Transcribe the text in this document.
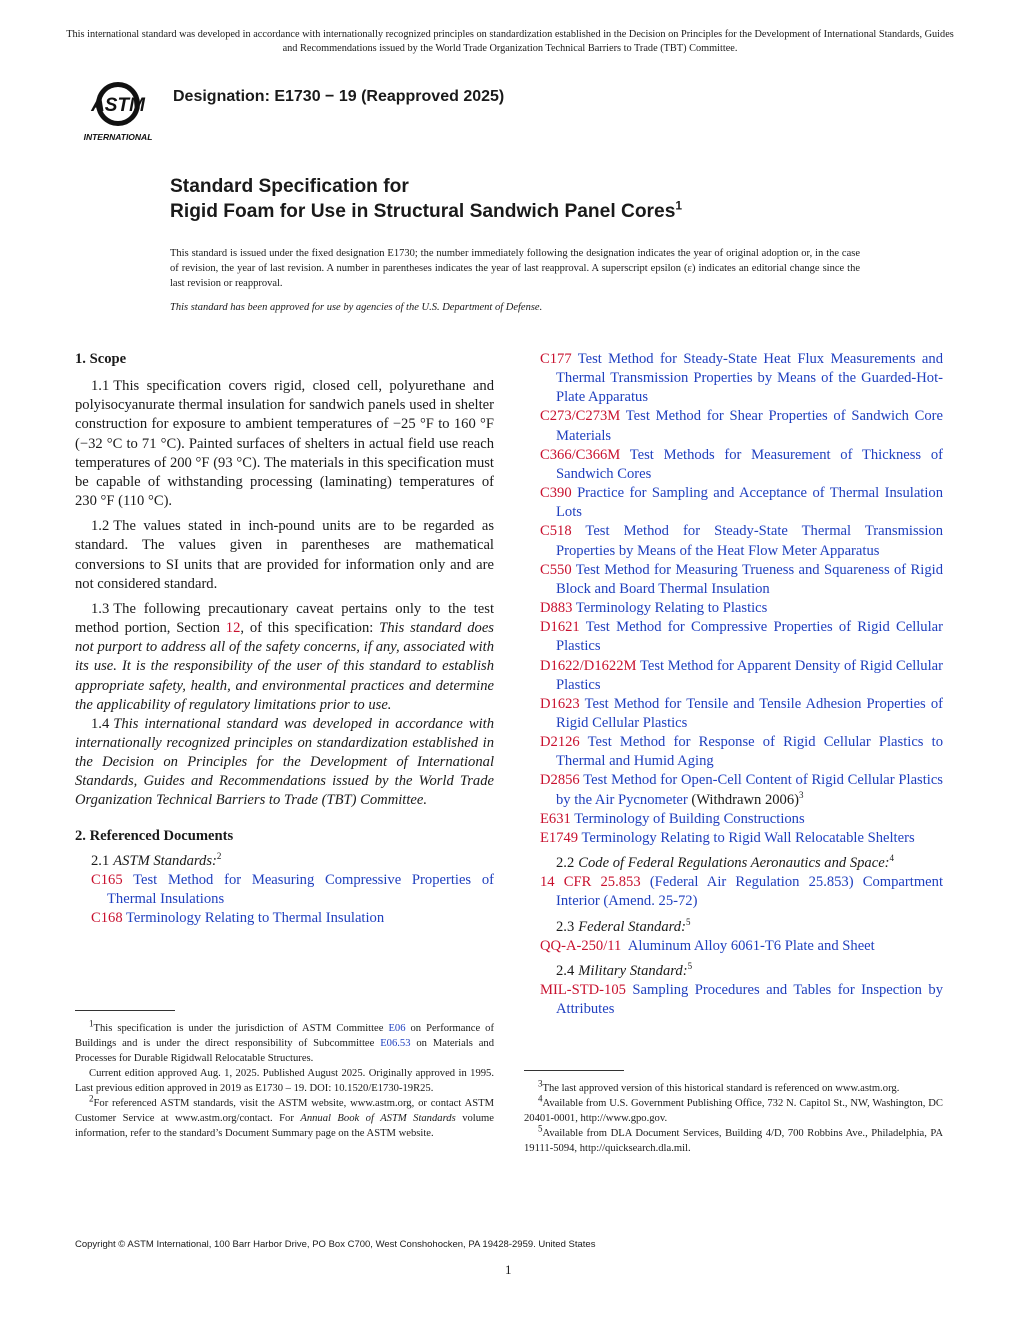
This international standard was developed in accordance with internationally recognized principles on standardization established in the Decision on Principles for the Development of International Standards, Guides and Recommendations issued by the World Trade Organization Technical Barriers to Trade (TBT) Committee.
ASTM
INTERNATIONAL
Designation: E1730 − 19 (Reapproved 2025)
Standard Specification for
Rigid Foam for Use in Structural Sandwich Panel Cores$^1$
This standard is issued under the fixed designation E1730; the number immediately following the designation indicates the year of original adoption or, in the case of revision, the year of last revision. A number in parentheses indicates the year of last reapproval. A superscript epsilon (ε) indicates an editorial change since the last revision or reapproval.
This standard has been approved for use by agencies of the U.S. Department of Defense.
1. Scope

1.1 This specification covers rigid, closed cell, polyurethane and polyisocyanurate thermal insulation for sandwich panels used in shelter construction for exposure to ambient temperatures of −25 °F to 160 °F (−32 °C to 71 °C). Painted surfaces of shelters in actual field use reach temperatures of 200 °F (93 °C). The materials in this specification must be capable of withstanding processing (laminating) temperatures of 230 °F (110 °C).

1.2 The values stated in inch-pound units are to be regarded as standard. The values given in parentheses are mathematical conversions to SI units that are provided for information only and are not considered standard.

1.3 The following precautionary caveat pertains only to the test method portion, Section 12, of this specification: This standard does not purport to address all of the safety concerns, if any, associated with its use. It is the responsibility of the user of this standard to establish appropriate safety, health, and environmental practices and determine the applicability of regulatory limitations prior to use.

1.4 This international standard was developed in accordance with internationally recognized principles on standardization established in the Decision on Principles for the Development of International Standards, Guides and Recommendations issued by the World Trade Organization Technical Barriers to Trade (TBT) Committee.

2. Referenced Documents

2.1 ASTM Standards:$^2$

C165 Test Method for Measuring Compressive Properties of Thermal Insulations

C168 Terminology Relating to Thermal Insulation

C177 Test Method for Steady-State Heat Flux Measurements and Thermal Transmission Properties by Means of the Guarded-Hot-Plate Apparatus

C273/C273M Test Method for Shear Properties of Sandwich Core Materials

C366/C366M Test Methods for Measurement of Thickness of Sandwich Cores

C390 Practice for Sampling and Acceptance of Thermal Insulation Lots

C518 Test Method for Steady-State Thermal Transmission Properties by Means of the Heat Flow Meter Apparatus

C550 Test Method for Measuring Trueness and Squareness of Rigid Block and Board Thermal Insulation

D883 Terminology Relating to Plastics

D1621 Test Method for Compressive Properties of Rigid Cellular Plastics

D1622/D1622M Test Method for Apparent Density of Rigid Cellular Plastics

D1623 Test Method for Tensile and Tensile Adhesion Properties of Rigid Cellular Plastics

D2126 Test Method for Response of Rigid Cellular Plastics to Thermal and Humid Aging

D2856 Test Method for Open-Cell Content of Rigid Cellular Plastics by the Air Pycnometer (Withdrawn 2006)$^3$

E631 Terminology of Building Constructions

E1749 Terminology Relating to Rigid Wall Relocatable Shelters

2.2 Code of Federal Regulations Aeronautics and Space:$^4$

14 CFR 25.853 (Federal Air Regulation 25.853) Compartment Interior (Amend. 25-72)

2.3 Federal Standard:$^5$

QQ-A-250/11 Aluminum Alloy 6061-T6 Plate and Sheet

2.4 Military Standard:$^5$

MIL-STD-105 Sampling Procedures and Tables for Inspection by Attributes

$^1$This specification is under the jurisdiction of ASTM Committee E06 on Performance of Buildings and is under the direct responsibility of Subcommittee E06.53 on Materials and Processes for Durable Rigidwall Relocatable Structures.

Current edition approved Aug. 1, 2025. Published August 2025. Originally approved in 1995. Last previous edition approved in 2019 as E1730 – 19. DOI: 10.1520/E1730-19R25.

$^2$For referenced ASTM standards, visit the ASTM website, www.astm.org, or contact ASTM Customer Service at www.astm.org/contact. For Annual Book of ASTM Standards volume information, refer to the standard’s Document Summary page on the ASTM website.

$^3$The last approved version of this historical standard is referenced on www.astm.org.

$^4$Available from U.S. Government Publishing Office, 732 N. Capitol St., NW, Washington, DC 20401-0001, http://www.gpo.gov.

$^5$Available from DLA Document Services, Building 4/D, 700 Robbins Ave., Philadelphia, PA 19111-5094, http://quicksearch.dla.mil.

Copyright © ASTM International, 100 Barr Harbor Drive, PO Box C700, West Conshohocken, PA 19428-2959. United States
1
